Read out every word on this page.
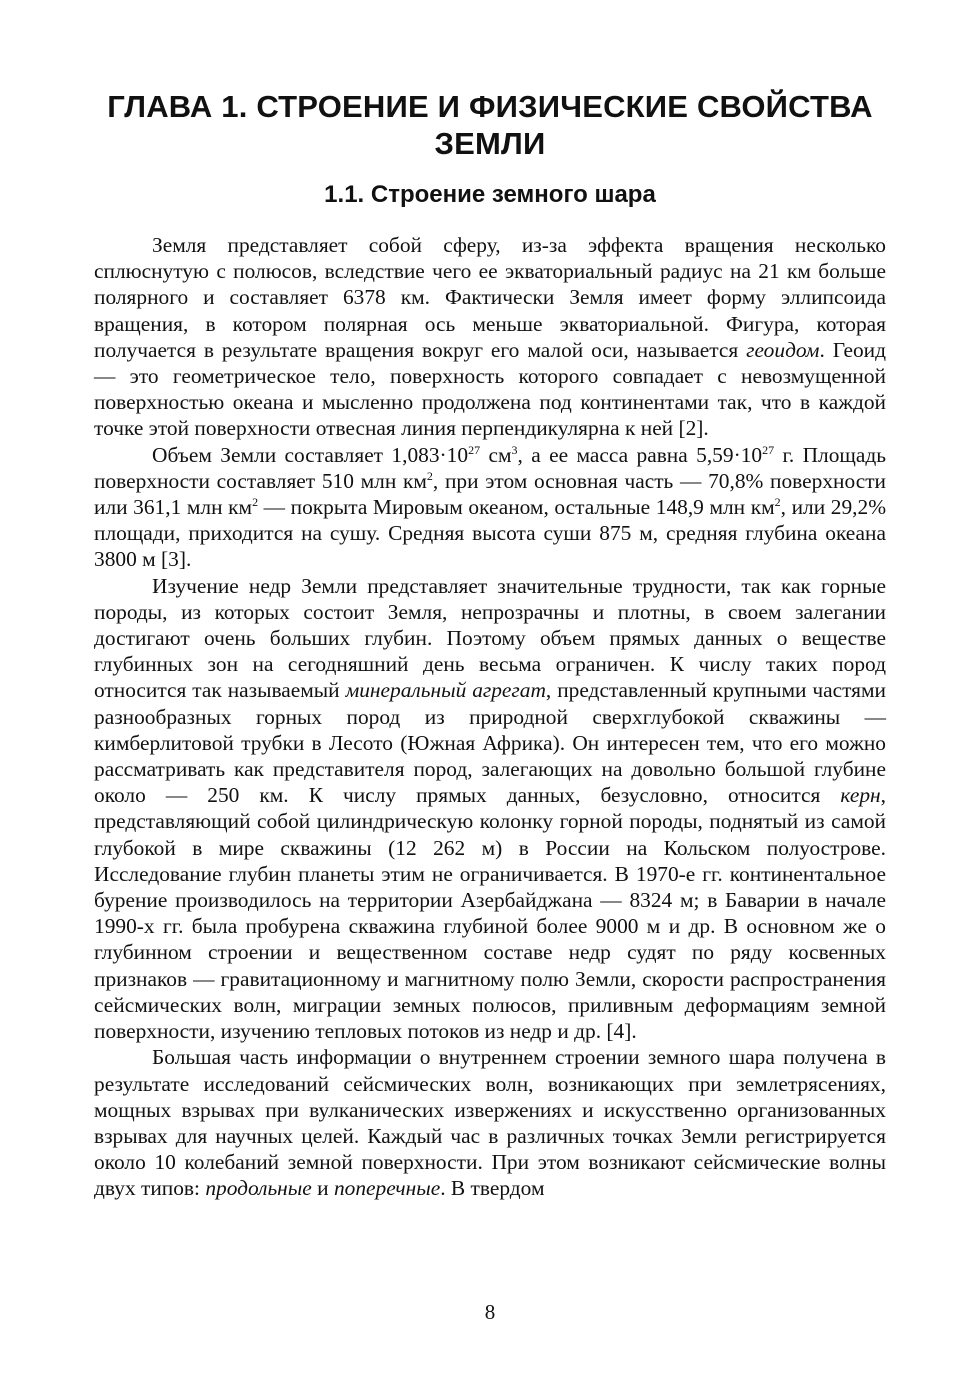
ГЛАВА 1. СТРОЕНИЕ И ФИЗИЧЕСКИЕ СВОЙСТВА
ЗЕМЛИ
1.1. Строение земного шара

Земля представляет собой сферу, из-за эффекта вращения несколько сплюснутую с полюсов, вследствие чего ее экваториальный радиус на 21 км больше полярного и составляет 6378 км. Фактически Земля имеет форму эллипсоида вращения, в котором полярная ось меньше экваториальной. Фигура, которая получается в результате вращения вокруг его малой оси, называется геоидом. Геоид — это геометрическое тело, поверхность которого совпадает с невозмущенной поверхностью океана и мысленно продолжена под континентами так, что в каждой точке этой поверхности отвесная линия перпендикулярна к ней [2].

Объем Земли составляет $1,083\cdot 10^{27}$ $см^3$, а ее масса равна $5,59\cdot 10^{27}$ г. Площадь поверхности составляет 510 млн $км^2$, при этом основная часть — 70,8% поверхности или 361,1 млн $км^2$ — покрыта Мировым океаном, остальные 148,9 млн $км^2$, или 29,2% площади, приходится на сушу. Средняя высота суши 875 м, средняя глубина океана 3800 м [3].

Изучение недр Земли представляет значительные трудности, так как горные породы, из которых состоит Земля, непрозрачны и плотны, в своем залегании достигают очень больших глубин. Поэтому объем прямых данных о веществе глубинных зон на сегодняшний день весьма ограничен. К числу таких пород относится так называемый минеральный агрегат, представленный крупными частями разнообразных горных пород из природной сверхглубокой скважины — кимберлитовой трубки в Лесото (Южная Африка). Он интересен тем, что его можно рассматривать как представителя пород, залегающих на довольно большой глубине около — 250 км. К числу прямых данных, безусловно, относится керн, представляющий собой цилиндрическую колонку горной породы, поднятый из самой глубокой в мире скважины (12 262 м) в России на Кольском полуострове. Исследование глубин планеты этим не ограничивается. В 1970-е гг. континентальное бурение производилось на территории Азербайджана — 8324 м; в Баварии в начале 1990-х гг. была пробурена скважина глубиной более 9000 м и др. В основном же о глубинном строении и вещественном составе недр судят по ряду косвенных признаков — гравитационному и магнитному полю Земли, скорости распространения сейсмических волн, миграции земных полюсов, приливным деформациям земной поверхности, изучению тепловых потоков из недр и др. [4].

Большая часть информации о внутреннем строении земного шара получена в результате исследований сейсмических волн, возникающих при землетрясениях, мощных взрывах при вулканических извержениях и искусственно организованных взрывах для научных целей. Каждый час в различных точках Земли регистрируется около 10 колебаний земной поверхности. При этом возникают сейсмические волны двух типов: продольные и поперечные. В твердом

8
